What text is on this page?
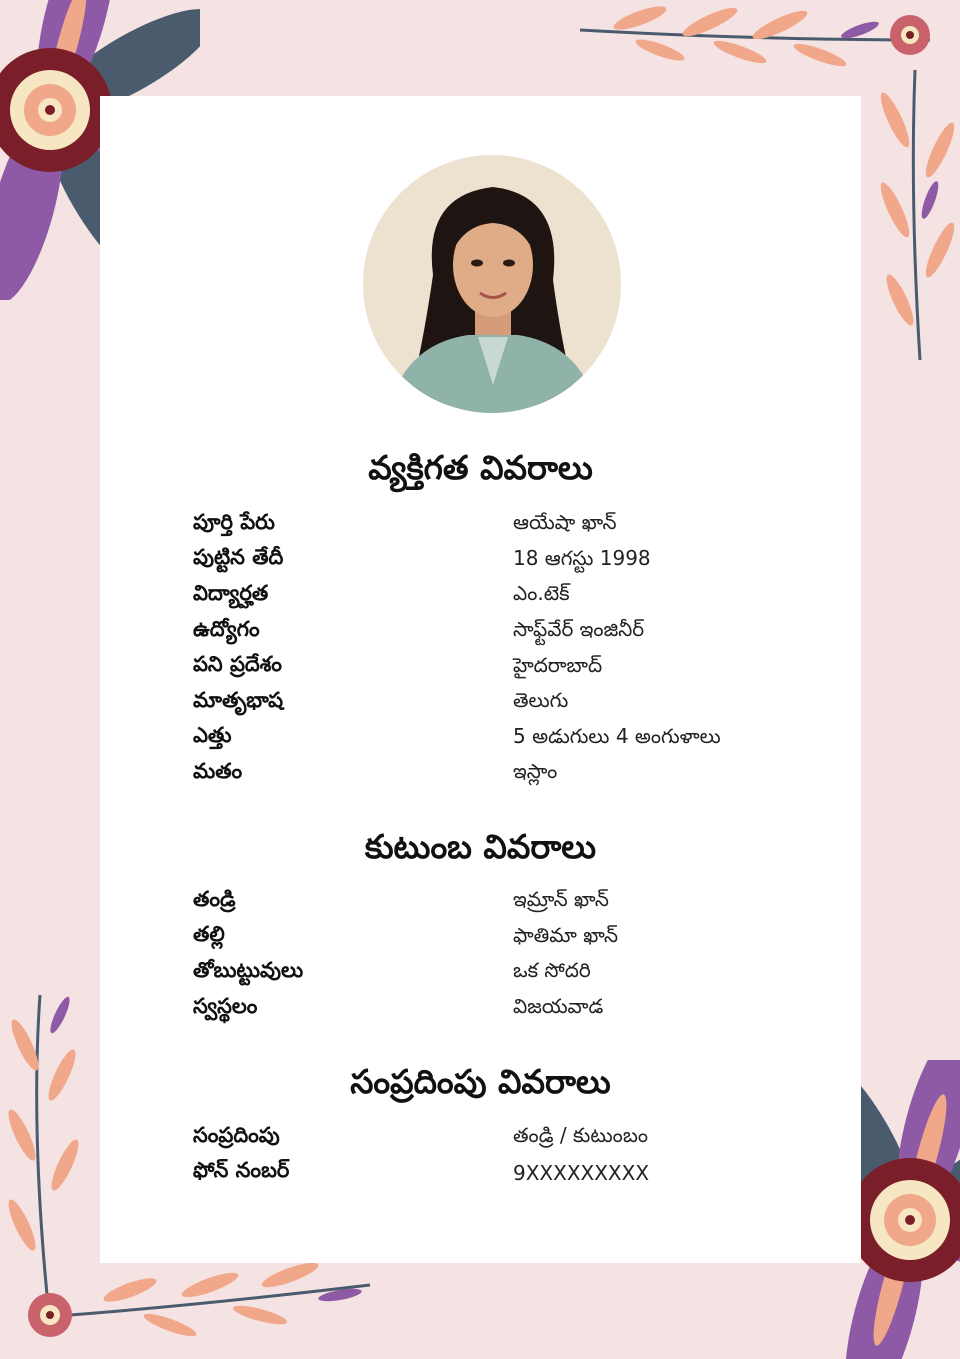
వ్యక్తిగత వివరాలు
పూర్తి పేరు	ఆయేషా ఖాన్
పుట్టిన తేదీ	18 ఆగస్టు 1998
విద్యార్హత	ఎం.టెక్
ఉద్యోగం	సాఫ్ట్‌వేర్ ఇంజినీర్
పని ప్రదేశం	హైదరాబాద్
మాతృభాష	తెలుగు
ఎత్తు	5 అడుగులు 4 అంగుళాలు
మతం	ఇస్లాం
కుటుంబ వివరాలు
తండ్రి	ఇమ్రాన్ ఖాన్
తల్లి	ఫాతిమా ఖాన్
తోబుట్టువులు	ఒక సోదరి
స్వస్థలం	విజయవాడ
సంప్రదింపు వివరాలు
సంప్రదింపు	తండ్రి / కుటుంబం
ఫోన్ నంబర్	9XXXXXXXXX
